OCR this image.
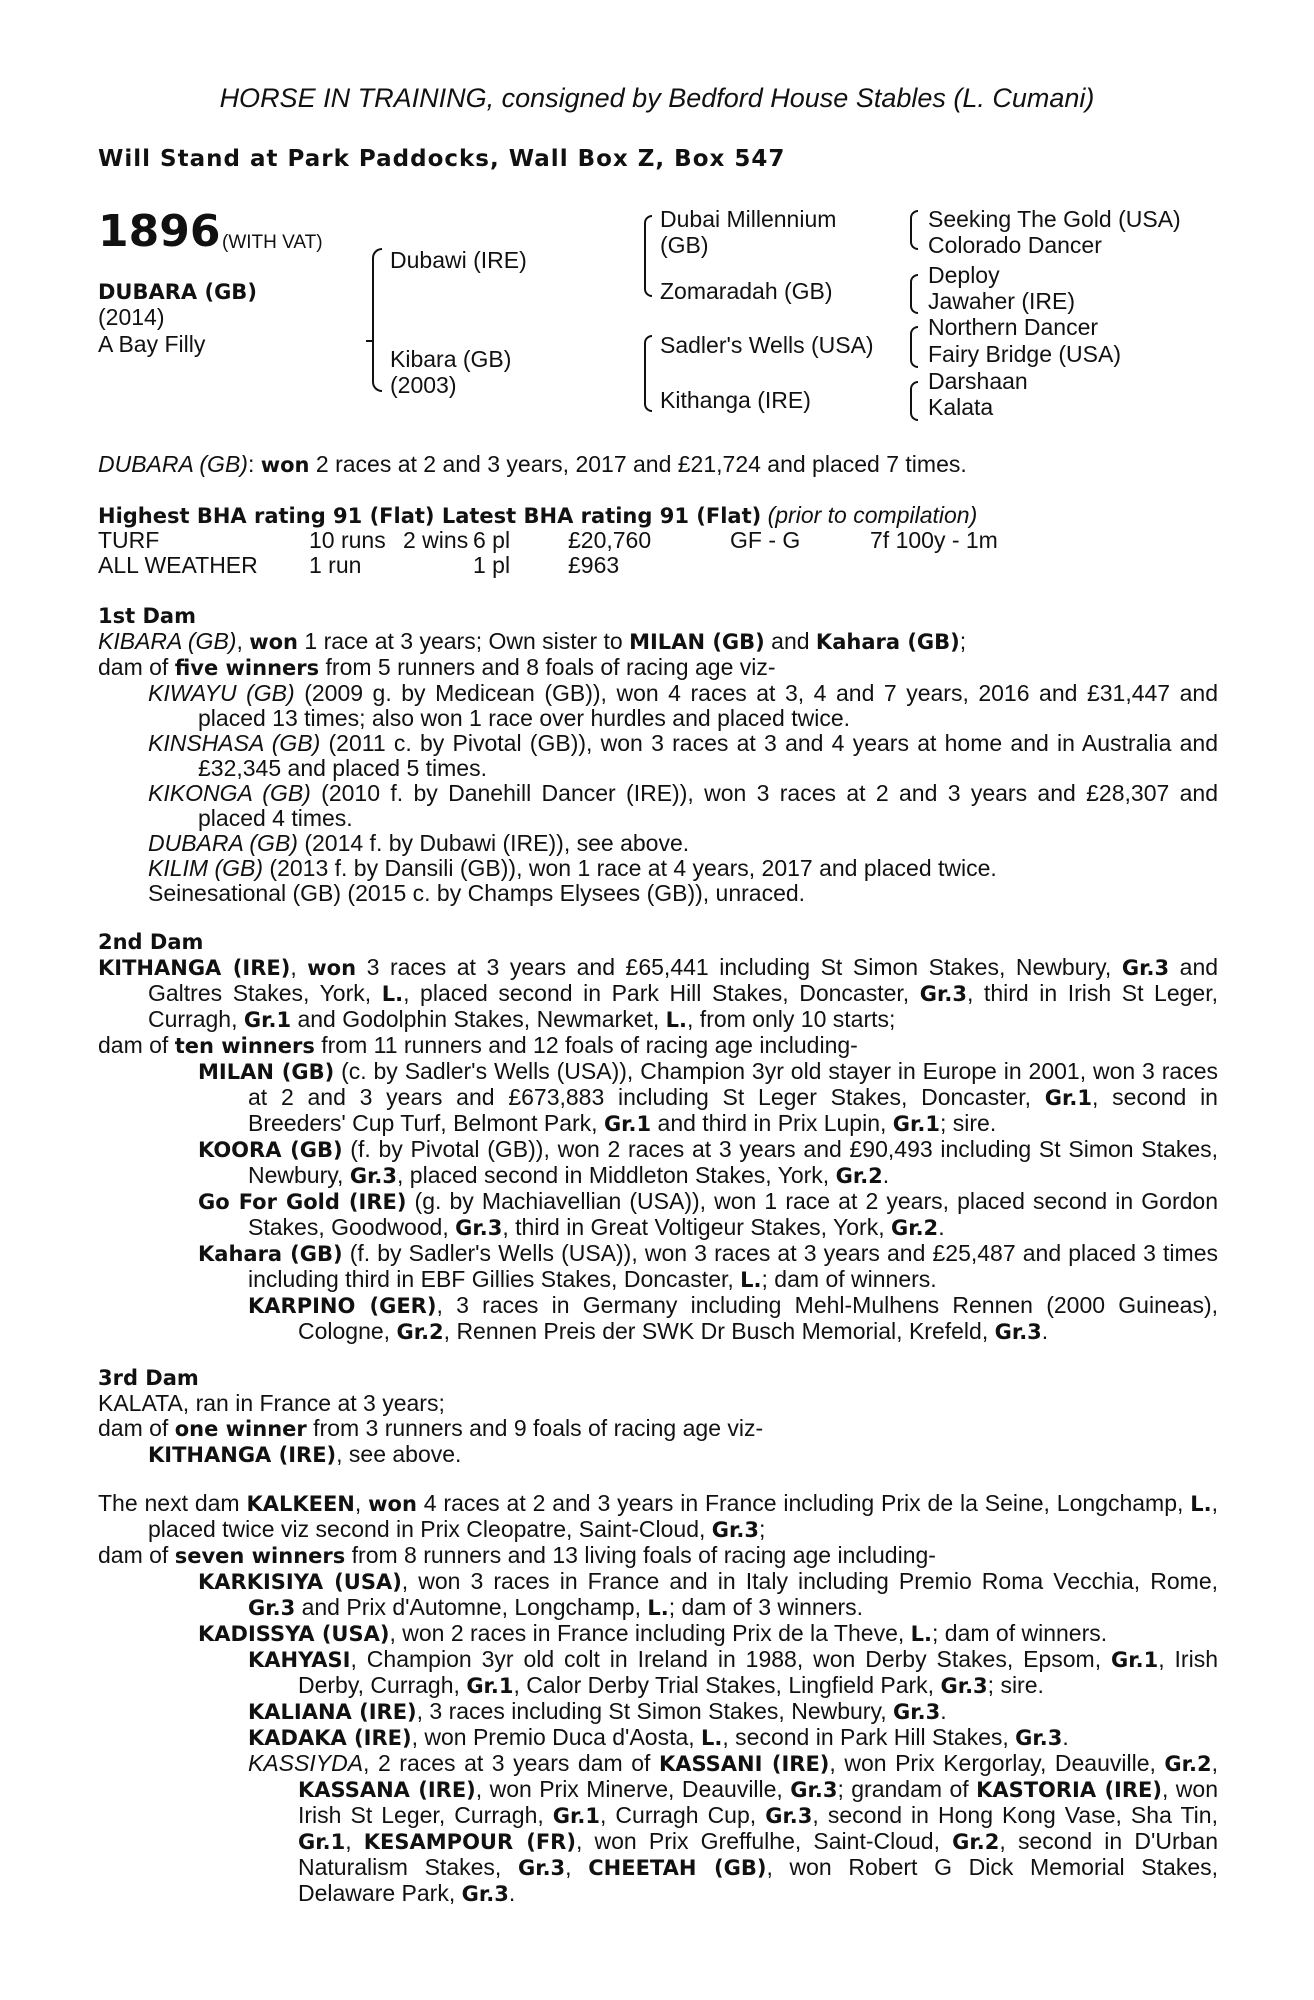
HORSE IN TRAINING, consigned by Bedford House Stables (L. Cumani)
Will Stand at Park Paddocks, Wall Box Z, Box 547
1896 (WITH VAT)
DUBARA (GB)
(2014)
A Bay Filly
Dubawi (IRE)
Kibara (GB)
(2003)
Dubai Millennium
(GB)
Zomaradah (GB)
Sadler's Wells (USA)
Kithanga (IRE)
Seeking The Gold (USA)
Colorado Dancer
Deploy
Jawaher (IRE)
Northern Dancer
Fairy Bridge (USA)
Darshaan
Kalata
DUBARA (GB): won 2 races at 2 and 3 years, 2017 and £21,724 and placed 7 times.
Highest BHA rating 91 (Flat) Latest BHA rating 91 (Flat) (prior to compilation)
TURF	10 runs 2 wins 6 pl	£20,760	GF - G	7f 100y - 1m
ALL WEATHER 1 run	1 pl	£963

1st Dam

KIBARA (GB), won 1 race at 3 years; Own sister to MILAN (GB) and Kahara (GB);

dam of five winners from 5 runners and 8 foals of racing age viz-

KIWAYU (GB) (2009 g. by Medicean (GB)), won 4 races at 3, 4 and 7 years, 2016 and £31,447 and placed 13 times; also won 1 race over hurdles and placed twice.

KINSHASA (GB) (2011 c. by Pivotal (GB)), won 3 races at 3 and 4 years at home and in Australia and £32,345 and placed 5 times.

KIKONGA (GB) (2010 f. by Danehill Dancer (IRE)), won 3 races at 2 and 3 years and £28,307 and placed 4 times.

DUBARA (GB) (2014 f. by Dubawi (IRE)), see above.

KILIM (GB) (2013 f. by Dansili (GB)), won 1 race at 4 years, 2017 and placed twice.

Seinesational (GB) (2015 c. by Champs Elysees (GB)), unraced.

2nd Dam

KITHANGA (IRE), won 3 races at 3 years and £65,441 including St Simon Stakes, Newbury, Gr.3 and Galtres Stakes, York, L., placed second in Park Hill Stakes, Doncaster, Gr.3, third in Irish St Leger, Curragh, Gr.1 and Godolphin Stakes, Newmarket, L., from only 10 starts;

dam of ten winners from 11 runners and 12 foals of racing age including-

MILAN (GB) (c. by Sadler's Wells (USA)), Champion 3yr old stayer in Europe in 2001, won 3 races at 2 and 3 years and £673,883 including St Leger Stakes, Doncaster, Gr.1, second in Breeders' Cup Turf, Belmont Park, Gr.1 and third in Prix Lupin, Gr.1; sire.

KOORA (GB) (f. by Pivotal (GB)), won 2 races at 3 years and £90,493 including St Simon Stakes, Newbury, Gr.3, placed second in Middleton Stakes, York, Gr.2.

Go For Gold (IRE) (g. by Machiavellian (USA)), won 1 race at 2 years, placed second in Gordon Stakes, Goodwood, Gr.3, third in Great Voltigeur Stakes, York, Gr.2.

Kahara (GB) (f. by Sadler's Wells (USA)), won 3 races at 3 years and £25,487 and placed 3 times including third in EBF Gillies Stakes, Doncaster, L.; dam of winners.

KARPINO (GER), 3 races in Germany including Mehl-Mulhens Rennen (2000 Guineas), Cologne, Gr.2, Rennen Preis der SWK Dr Busch Memorial, Krefeld, Gr.3.

3rd Dam

KALATA, ran in France at 3 years;

dam of one winner from 3 runners and 9 foals of racing age viz-

KITHANGA (IRE), see above.

The next dam KALKEEN, won 4 races at 2 and 3 years in France including Prix de la Seine, Longchamp, L., placed twice viz second in Prix Cleopatre, Saint-Cloud, Gr.3;

dam of seven winners from 8 runners and 13 living foals of racing age including-

KARKISIYA (USA), won 3 races in France and in Italy including Premio Roma Vecchia, Rome, Gr.3 and Prix d'Automne, Longchamp, L.; dam of 3 winners.

KADISSYA (USA), won 2 races in France including Prix de la Theve, L.; dam of winners.

KAHYASI, Champion 3yr old colt in Ireland in 1988, won Derby Stakes, Epsom, Gr.1, Irish Derby, Curragh, Gr.1, Calor Derby Trial Stakes, Lingfield Park, Gr.3; sire.

KALIANA (IRE), 3 races including St Simon Stakes, Newbury, Gr.3.

KADAKA (IRE), won Premio Duca d'Aosta, L., second in Park Hill Stakes, Gr.3.

KASSIYDA, 2 races at 3 years dam of KASSANI (IRE), won Prix Kergorlay, Deauville, Gr.2, KASSANA (IRE), won Prix Minerve, Deauville, Gr.3; grandam of KASTORIA (IRE), won Irish St Leger, Curragh, Gr.1, Curragh Cup, Gr.3, second in Hong Kong Vase, Sha Tin, Gr.1, KESAMPOUR (FR), won Prix Greffulhe, Saint-Cloud, Gr.2, second in D'Urban Naturalism Stakes, Gr.3, CHEETAH (GB), won Robert G Dick Memorial Stakes, Delaware Park, Gr.3.
